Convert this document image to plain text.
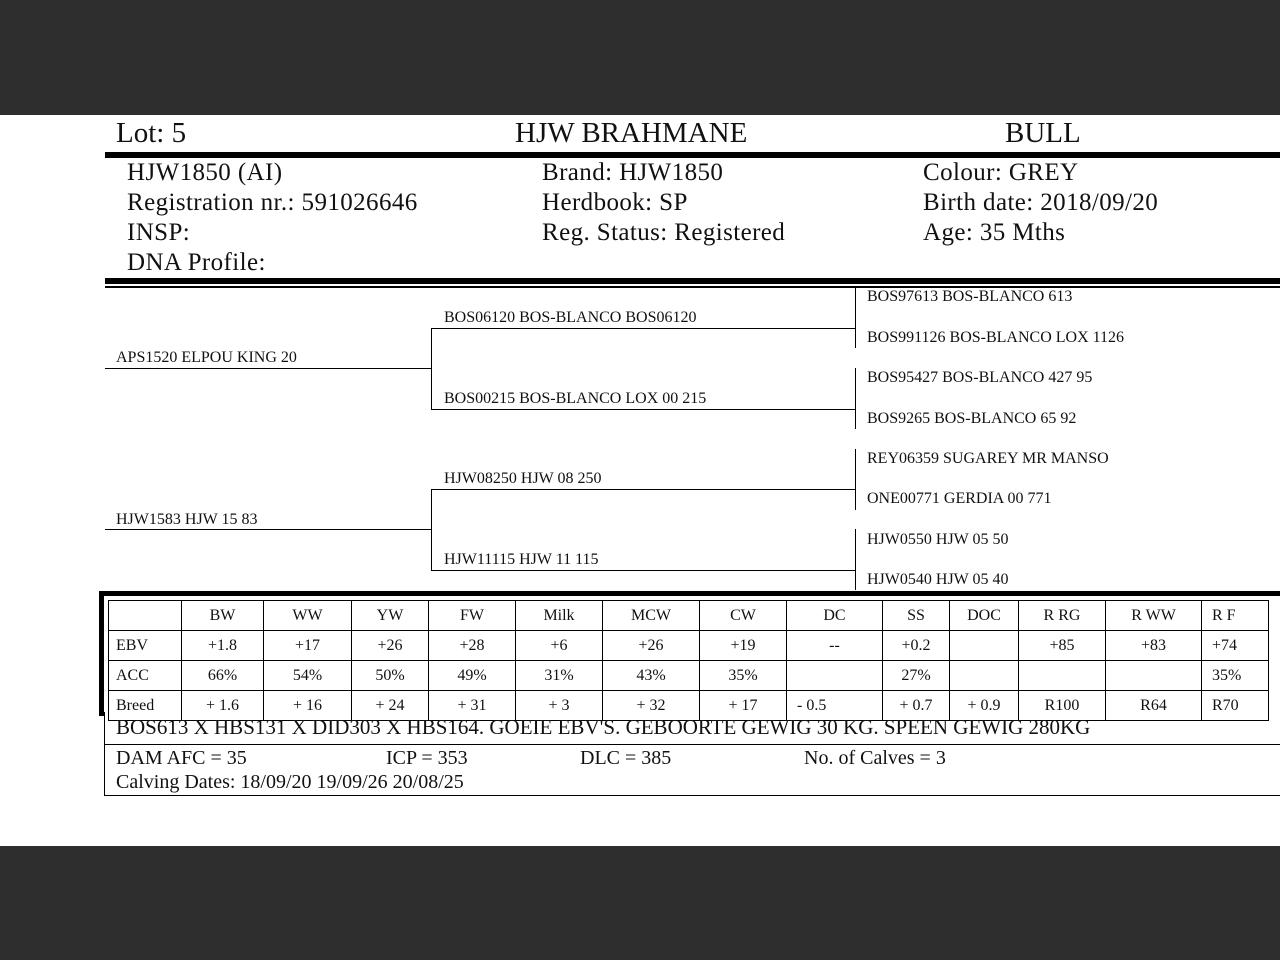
Lot: 5	HJW BRAHMANE	BULL
HJW1850 (AI)
Registration nr.: 591026646
INSP:
DNA Profile:
Brand: HJW1850
Herdbook: SP
Reg. Status: Registered
Colour: GREY
Birth date: 2018/09/20
Age: 35 Mths
APS1520 ELPOU KING 20
HJW1583 HJW 15 83
BOS06120 BOS-BLANCO BOS06120
BOS00215 BOS-BLANCO LOX 00 215
HJW08250 HJW 08 250
HJW11115 HJW 11 115
BOS97613 BOS-BLANCO 613
BOS991126 BOS-BLANCO LOX 1126
BOS95427 BOS-BLANCO 427 95
BOS9265 BOS-BLANCO 65 92
REY06359 SUGAREY MR MANSO
ONE00771 GERDIA 00 771
HJW0550 HJW 05 50
HJW0540 HJW 05 40
	BW	WW	YW	FW	Milk	MCW	CW	DC	SS	DOC	R RG	R WW	R F
EBV	+1.8	+17	+26	+28	+6	+26	+19	--	+0.2		+85	+83	+74
ACC	66%	54%	50%	49%	31%	43%	35%		27%				35%
Breed	+ 1.6	+ 16	+ 24	+ 31	+ 3	+ 32	+ 17	- 0.5	+ 0.7	+ 0.9	R100	R64	R70
BOS613 X HBS131 X DID303 X HBS164. GOEIE EBV'S. GEBOORTE GEWIG 30 KG. SPEEN GEWIG 280KG
DAM AFC = 35	ICP = 353	DLC = 385	No. of Calves = 3
Calving Dates: 18/09/20 19/09/26 20/08/25
